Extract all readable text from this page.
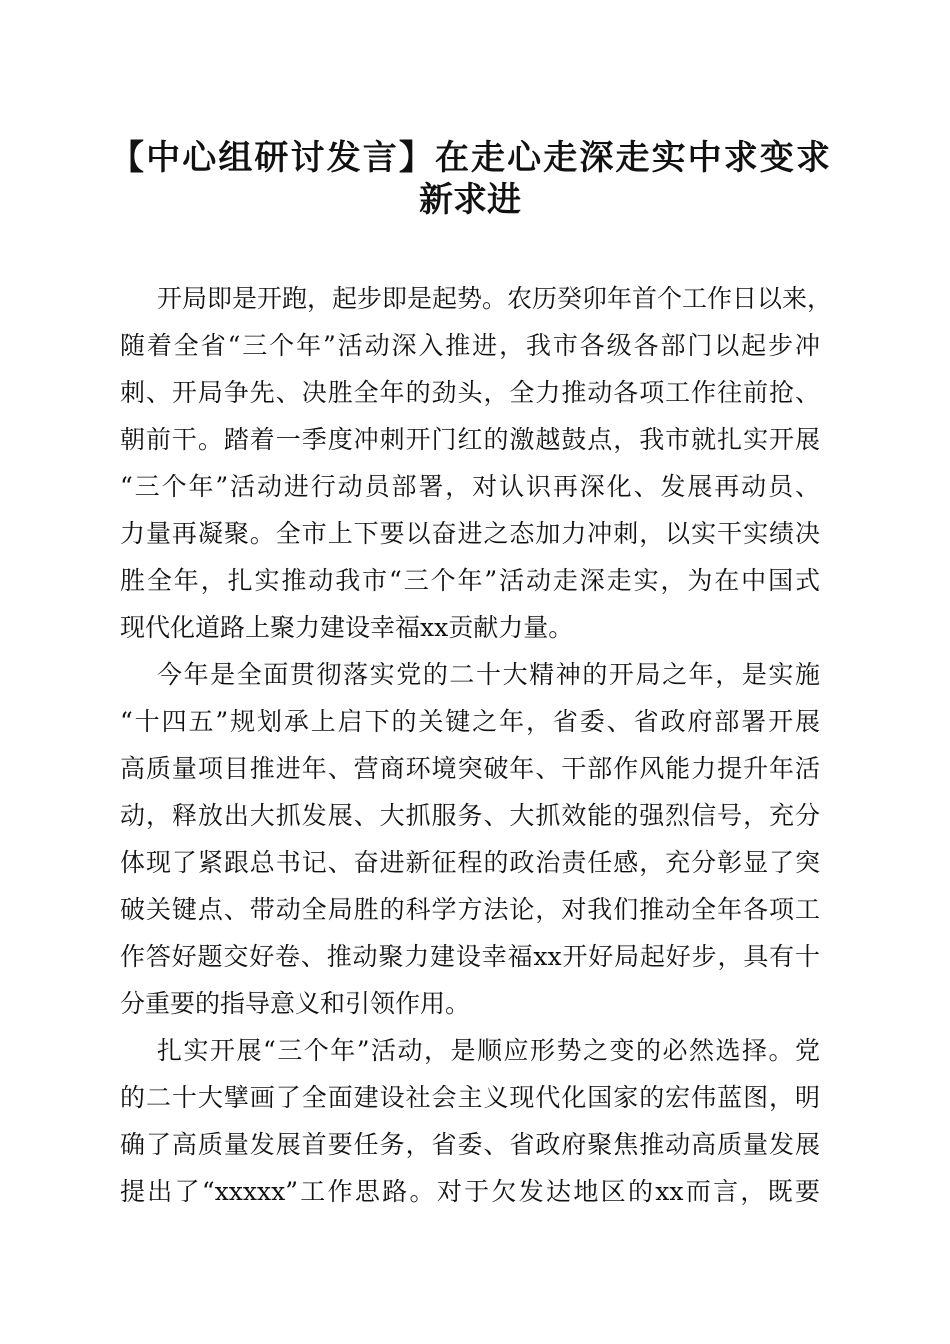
【中心组研讨发言】在走心走深走实中求变求
新求进
开局即是开跑，起步即是起势。农历癸卯年首个工作日以来，
随着全省“三个年”活动深入推进，我市各级各部门以起步冲
刺、开局争先、决胜全年的劲头，全力推动各项工作往前抢、
朝前干。踏着一季度冲刺开门红的激越鼓点，我市就扎实开展
“三个年”活动进行动员部署，对认识再深化、发展再动员、
力量再凝聚。全市上下要以奋进之态加力冲刺，以实干实绩决
胜全年，扎实推动我市“三个年”活动走深走实，为在中国式
现代化道路上聚力建设幸福xx贡献力量。
今年是全面贯彻落实党的二十大精神的开局之年，是实施
“十四五”规划承上启下的关键之年，省委、省政府部署开展
高质量项目推进年、营商环境突破年、干部作风能力提升年活
动，释放出大抓发展、大抓服务、大抓效能的强烈信号，充分
体现了紧跟总书记、奋进新征程的政治责任感，充分彰显了突
破关键点、带动全局胜的科学方法论，对我们推动全年各项工
作答好题交好卷、推动聚力建设幸福xx开好局起好步，具有十
分重要的指导意义和引领作用。
扎实开展“三个年”活动，是顺应形势之变的必然选择。党
的二十大擘画了全面建设社会主义现代化国家的宏伟蓝图，明
确了高质量发展首要任务，省委、省政府聚焦推动高质量发展
提出了“xxxxx”工作思路。对于欠发达地区的xx而言，既要
